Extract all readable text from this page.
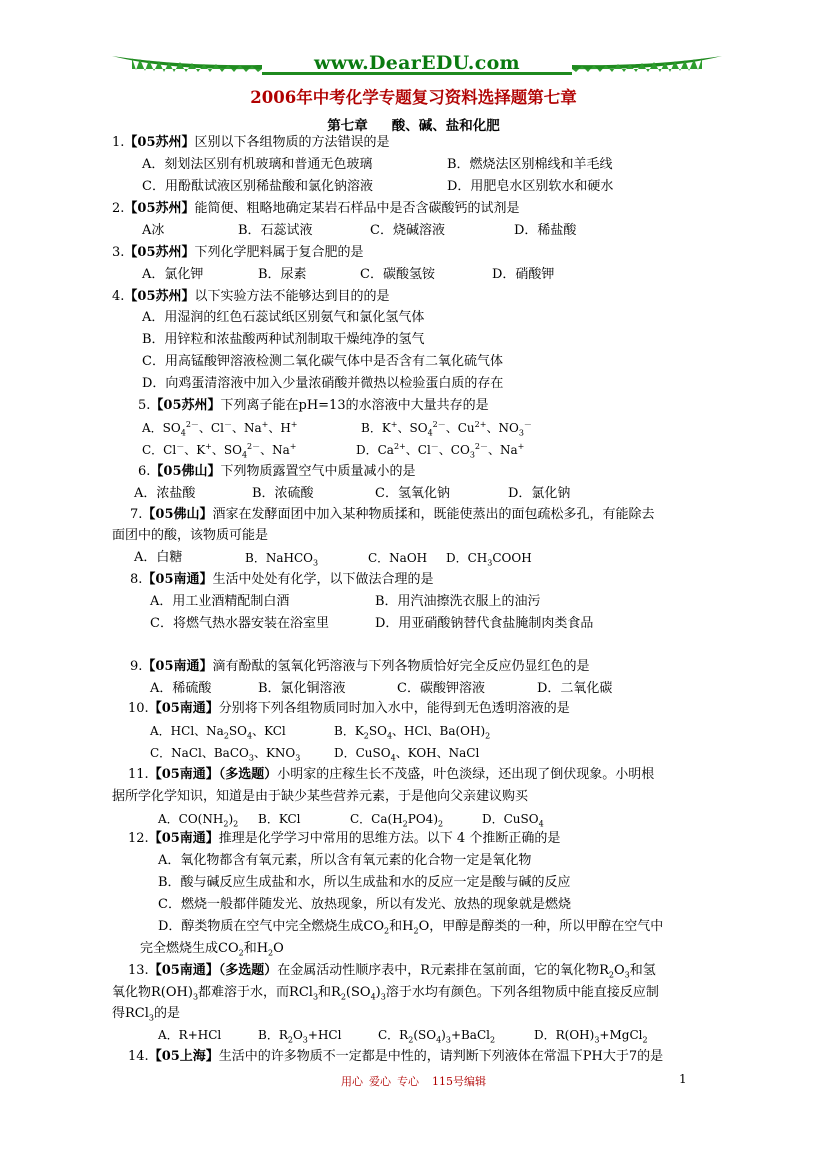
www.DearEDU.com
2006年中考化学专题复习资料选择题第七章
第七章 酸、碱、盐和化肥
1.【05苏州】区别以下各组物质的方法错误的是
A．刻划法区别有机玻璃和普通无色玻璃	B．燃烧法区别棉线和羊毛线
C．用酚酞试液区别稀盐酸和氯化钠溶液	D．用肥皂水区别软水和硬水
2.【05苏州】能简便、粗略地确定某岩石样品中是否含碳酸钙的试剂是
A冰	B．石蕊试液	C．烧碱溶液	D．稀盐酸
3.【05苏州】下列化学肥料属于复合肥的是
A．氯化钾	B．尿素	C．碳酸氢铵	D．硝酸钾
4.【05苏州】以下实验方法不能够达到目的的是
A．用湿润的红色石蕊试纸区别氨气和氯化氢气体
B．用锌粒和浓盐酸两种试剂制取干燥纯净的氢气
C．用高锰酸钾溶液检测二氧化碳气体中是否含有二氧化硫气体
D．向鸡蛋清溶液中加入少量浓硝酸并微热以检验蛋白质的存在
5.【05苏州】下列离子能在pH=13的水溶液中大量共存的是
A．$SO_4^{2-}$、Cl－、Na+、H+	B．K+、$SO_4^{2-}$、$Cu^{2+}$、$NO_3^-$
C．Cl－、K+、$SO_4^{2-}$、Na+	D．$Ca^{2+}$、Cl－、$CO_3^{2-}$、Na+
6.【05佛山】下列物质露置空气中质量减小的是
A．浓盐酸	B．浓硫酸	C．氢氧化钠	D．氯化钠
7.【05佛山】酒家在发酵面团中加入某种物质揉和，既能使蒸出的面包疏松多孔，有能除去
面团中的酸，该物质可能是
A．白糖	B．NaHCO$_3$	C．NaOH D．$CH_3COOH$
8.【05南通】生活中处处有化学，以下做法合理的是
A．用工业酒精配制白酒	B．用汽油擦洗衣服上的油污
C．将燃气热水器安装在浴室里	D．用亚硝酸钠替代食盐腌制肉类食品
9.【05南通】滴有酚酞的氢氧化钙溶液与下列各物质恰好完全反应仍显红色的是
A．稀硫酸	B．氯化铜溶液	C．碳酸钾溶液	D．二氧化碳
10.【05南通】分别将下列各组物质同时加入水中，能得到无色透明溶液的是
A．HCl、$Na_2SO_4$、KCl	B．$K_2SO_4$、HCl、$Ba(OH)_2$
C．NaCl、BaCO$_3$、$KNO_3$	D．CuSO$_4$、KOH、NaCl
11.【05南通】（多选题）小明家的庄稼生长不茂盛，叶色淡绿，还出现了倒伏现象。小明根
据所学化学知识，知道是由于缺少某些营养元素，于是他向父亲建议购买
A．$CO(NH_2)_2$ B．KCl	C．$Ca(H_2PO4)_2$	D．CuSO$_4$
12.【05南通】推理是化学学习中常用的思维方法。以下 4 个推断正确的是
A．氧化物都含有氧元素，所以含有氧元素的化合物一定是氧化物
B．酸与碱反应生成盐和水，所以生成盐和水的反应一定是酸与碱的反应
C．燃烧一般都伴随发光、放热现象，所以有发光、放热的现象就是燃烧
D．醇类物质在空气中完全燃烧生成$CO_2$和$H_2O$，甲醇是醇类的一种，所以甲醇在空气中
完全燃烧生成$CO_2$和$H_2O$
13.【05南通】（多选题）在金属活动性顺序表中，R元素排在氢前面，它的氧化物$R_2O_3$和氢
氧化物$R(OH)_3$都难溶于水，而RCl$_3$和$R_2(SO_4)_3$溶于水均有颜色。下列各组物质中能直接反应制
得RCl$_3$的是
A．R+HCl	B．$R_2O_3+HCl$	C．$R_2(SO_4)_3+BaCl_2$	D．$R(OH)_3+MgCl_2$
14.【05上海】生活中的许多物质不一定都是中性的，请判断下列液体在常温下PH大于7的是
用心 爱心 专心 115号编辑	1
